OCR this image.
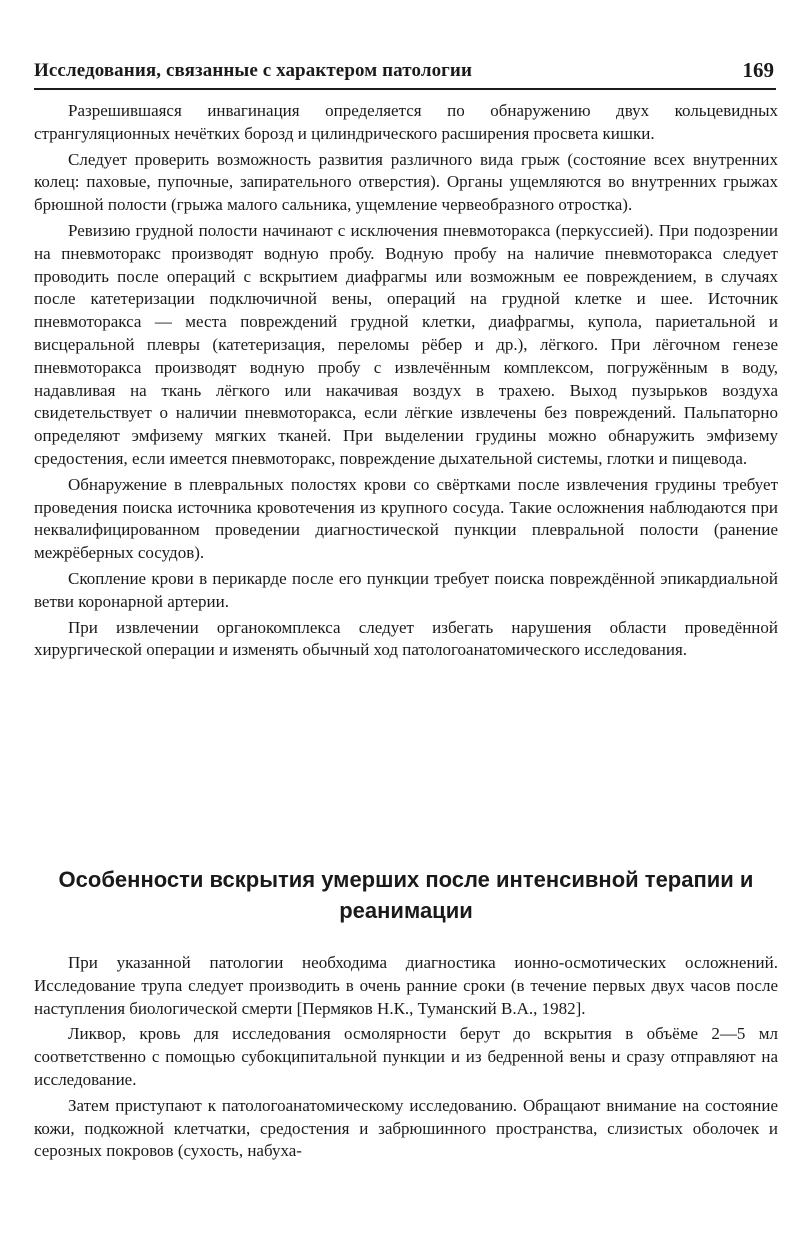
Исследования, связанные с характером патологии	169

Разрешившаяся инвагинация определяется по обнаружению двух кольцевидных странгуляционных нечётких борозд и цилиндрического расширения просвета кишки.

Следует проверить возможность развития различного вида грыж (состояние всех внутренних колец: паховые, пупочные, запирательного отверстия). Органы ущемляются во внутренних грыжах брюшной полости (грыжа малого сальника, ущемление червеобразного отростка).

Ревизию грудной полости начинают с исключения пневмоторакса (перкуссией). При подозрении на пневмоторакс производят водную пробу. Водную пробу на наличие пневмоторакса следует проводить после операций с вскрытием диафрагмы или возможным ее повреждением, в случаях после катетеризации подключичной вены, операций на грудной клетке и шее. Источник пневмоторакса — места повреждений грудной клетки, диафрагмы, купола, париетальной и висцеральной плевры (катетеризация, переломы рёбер и др.), лёгкого. При лёгочном генезе пневмоторакса производят водную пробу с извлечённым комплексом, погружённым в воду, надавливая на ткань лёгкого или накачивая воздух в трахею. Выход пузырьков воздуха свидетельствует о наличии пневмоторакса, если лёгкие извлечены без повреждений. Пальпаторно определяют эмфизему мягких тканей. При выделении грудины можно обнаружить эмфизему средостения, если имеется пневмоторакс, повреждение дыхательной системы, глотки и пищевода.

Обнаружение в плевральных полостях крови со свёртками после извлечения грудины требует проведения поиска источника кровотечения из крупного сосуда. Такие осложнения наблюдаются при неквалифицированном проведении диагностической пункции плевральной полости (ранение межрёберных сосудов).

Скопление крови в перикарде после его пункции требует поиска повреждённой эпикардиальной ветви коронарной артерии.

При извлечении органокомплекса следует избегать нарушения области проведённой хирургической операции и изменять обычный ход патологоанатомического исследования.

Особенности вскрытия умерших после интенсивной терапии и реанимации

При указанной патологии необходима диагностика ионно-осмотических осложнений. Исследование трупа следует производить в очень ранние сроки (в течение первых двух часов после наступления биологической смерти [Пермяков Н.К., Туманский В.А., 1982].

Ликвор, кровь для исследования осмолярности берут до вскрытия в объёме 2—5 мл соответственно с помощью субокципитальной пункции и из бедренной вены и сразу отправляют на исследование.

Затем приступают к патологоанатомическому исследованию. Обращают внимание на состояние кожи, подкожной клетчатки, средостения и забрюшинного пространства, слизистых оболочек и серозных покровов (сухость, набуха-
